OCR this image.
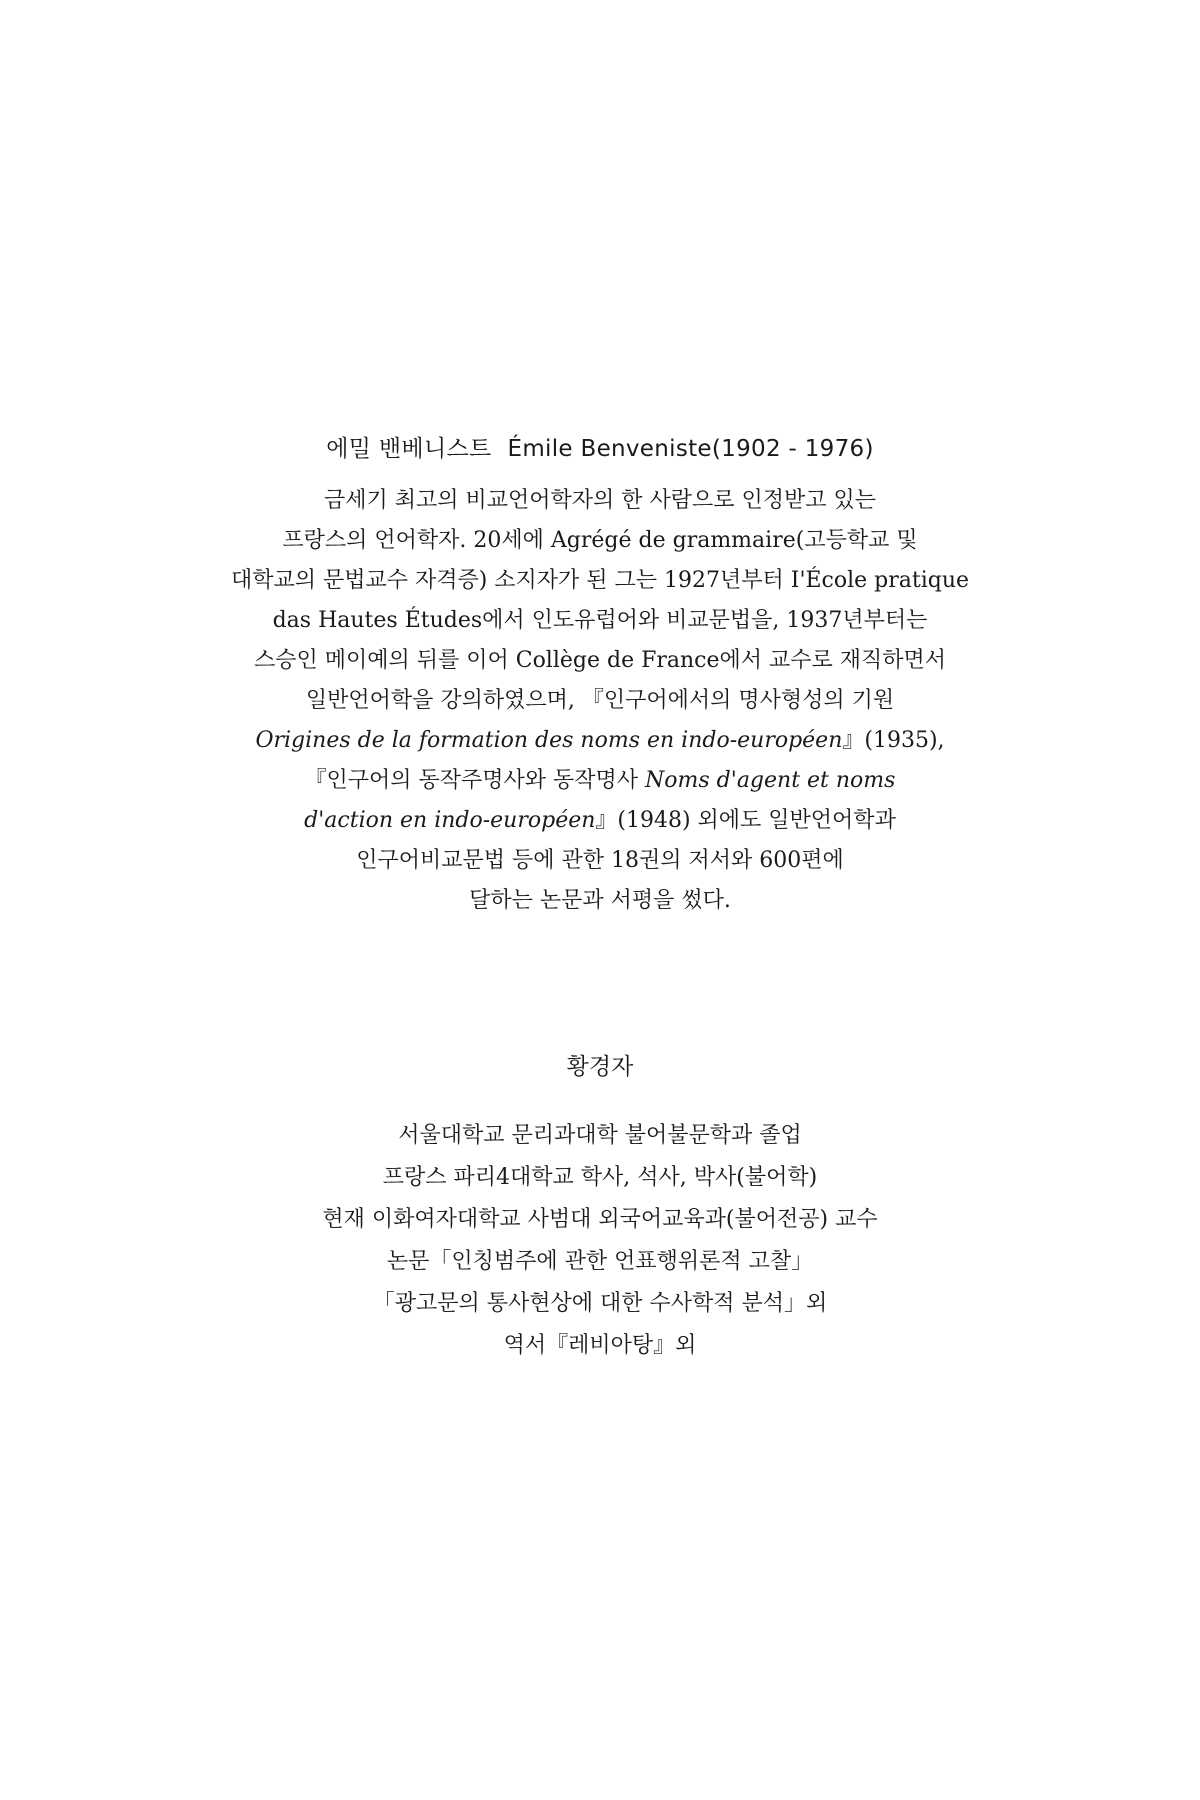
에밀 밴베니스트 Émile Benveniste(1902 - 1976)

금세기 최고의 비교언어학자의 한 사람으로 인정받고 있는

프랑스의 언어학자. 20세에 Agrégé de grammaire(고등학교 및

대학교의 문법교수 자격증) 소지자가 된 그는 1927년부터 I'École pratique

das Hautes Études에서 인도유럽어와 비교문법을, 1937년부터는

스승인 메이예의 뒤를 이어 Collège de France에서 교수로 재직하면서

일반언어학을 강의하였으며, 『인구어에서의 명사형성의 기원

Origines de la formation des noms en indo-européen』(1935),

『인구어의 동작주명사와 동작명사 Noms d'agent et noms

d'action en indo-européen』(1948) 외에도 일반언어학과

인구어비교문법 등에 관한 18권의 저서와 600편에

달하는 논문과 서평을 썼다.

황경자

서울대학교 문리과대학 불어불문학과 졸업

프랑스 파리4대학교 학사, 석사, 박사(불어학)

현재 이화여자대학교 사범대 외국어교육과(불어전공) 교수

논문「인칭범주에 관한 언표행위론적 고찰」

「광고문의 통사현상에 대한 수사학적 분석」외

역서『레비아탕』외
